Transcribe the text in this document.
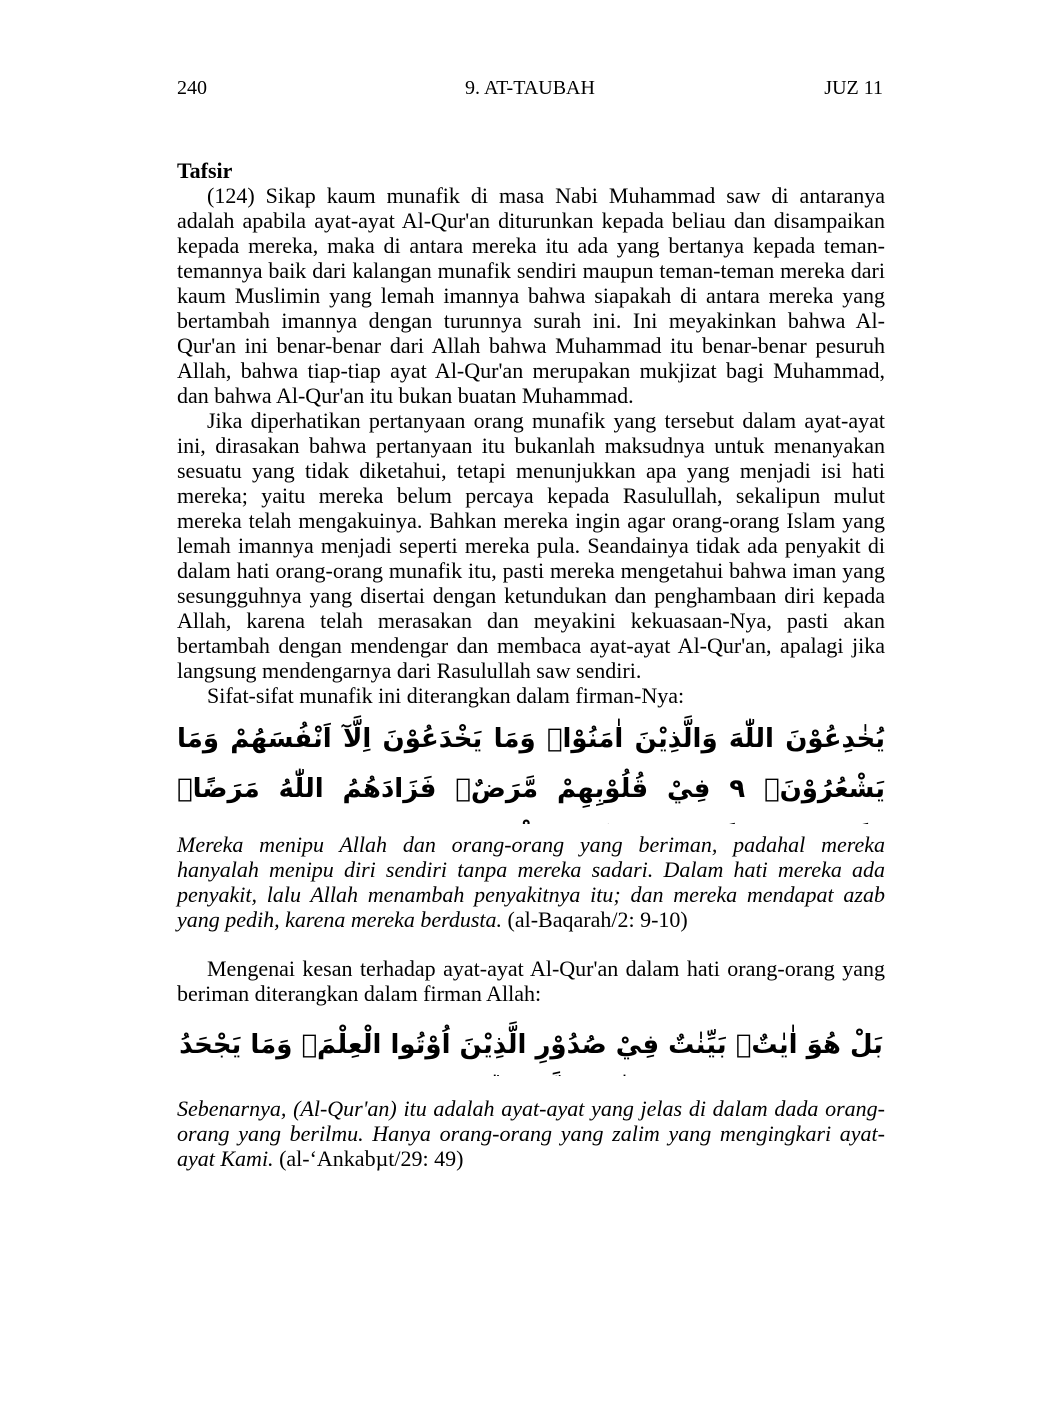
240	9. AT-TAUBAH	JUZ 11
Tafsir

(124) Sikap kaum munafik di masa Nabi Muhammad saw di antaranya adalah apabila ayat-ayat Al-Qur'an diturunkan kepada beliau dan disampaikan kepada mereka, maka di antara mereka itu ada yang bertanya kepada teman-temannya baik dari kalangan munafik sendiri maupun teman-teman mereka dari kaum Muslimin yang lemah imannya bahwa siapakah di antara mereka yang bertambah imannya dengan turunnya surah ini. Ini meyakinkan bahwa Al-Qur'an ini benar-benar dari Allah bahwa Muhammad itu benar-benar pesuruh Allah, bahwa tiap-tiap ayat Al-Qur'an merupakan mukjizat bagi Muhammad, dan bahwa Al-Qur'an itu bukan buatan Muhammad.

Jika diperhatikan pertanyaan orang munafik yang tersebut dalam ayat-ayat ini, dirasakan bahwa pertanyaan itu bukanlah maksudnya untuk menanyakan sesuatu yang tidak diketahui, tetapi menunjukkan apa yang menjadi isi hati mereka; yaitu mereka belum percaya kepada Rasulullah, sekalipun mulut mereka telah mengakuinya. Bahkan mereka ingin agar orang-orang Islam yang lemah imannya menjadi seperti mereka pula. Seandainya tidak ada penyakit di dalam hati orang-orang munafik itu, pasti mereka mengetahui bahwa iman yang sesungguhnya yang disertai dengan ketundukan dan penghambaan diri kepada Allah, karena telah merasakan dan meyakini kekuasaan-Nya, pasti akan bertambah dengan mendengar dan membaca ayat-ayat Al-Qur'an, apalagi jika langsung mendengarnya dari Rasulullah saw sendiri.

Sifat-sifat munafik ini diterangkan dalam firman-Nya:

يُخٰدِعُوْنَ اللّٰهَ وَالَّذِيْنَ اٰمَنُوْاۚ وَمَا يَخْدَعُوْنَ اِلَّآ اَنْفُسَهُمْ وَمَا يَشْعُرُوْنَۗ ٩ فِيْ قُلُوْبِهِمْ مَّرَضٌۙ فَزَادَهُمُ اللّٰهُ مَرَضًاۚ

Mereka menipu Allah dan orang-orang yang beriman, padahal mereka hanyalah menipu diri sendiri tanpa mereka sadari. Dalam hati mereka ada penyakit, lalu Allah menambah penyakitnya itu; dan mereka mendapat azab yang pedih, karena mereka berdusta. (al-Baqarah/2: 9-10)

Mengenai kesan terhadap ayat-ayat Al-Qur'an dalam hati orang-orang yang beriman diterangkan dalam firman Allah:

بَلْ هُوَ اٰيٰتٌۢ بَيِّنٰتٌ فِيْ صُدُوْرِ الَّذِيْنَ اُوْتُوا الْعِلْمَۗ وَمَا يَجْحَدُ

Sebenarnya, (Al-Qur'an) itu adalah ayat-ayat yang jelas di dalam dada orang-orang yang berilmu. Hanya orang-orang yang zalim yang mengingkari ayat-ayat Kami. (al-‘Ankabµt/29: 49)
